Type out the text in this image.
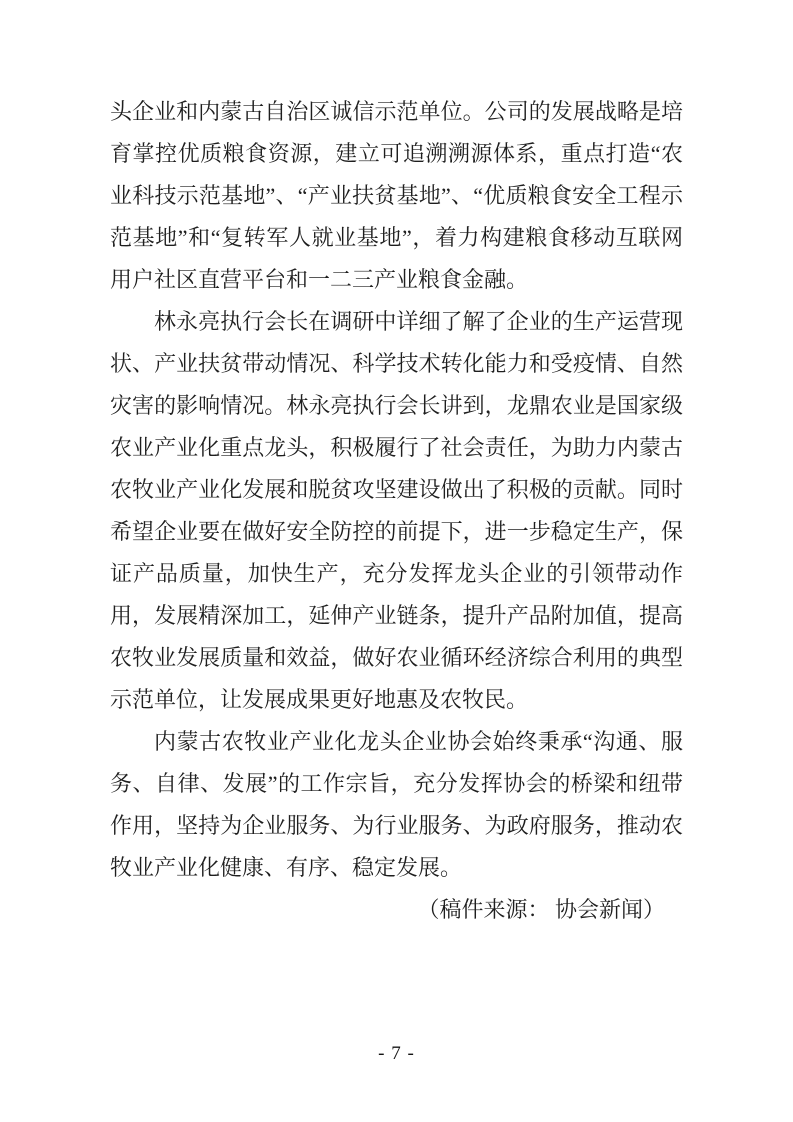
头企业和内蒙古自治区诚信示范单位。公司的发展战略是培育掌控优质粮食资源，建立可追溯溯源体系，重点打造“农业科技示范基地”、“产业扶贫基地”、“优质粮食安全工程示范基地”和“复转军人就业基地”，着力构建粮食移动互联网用户社区直营平台和一二三产业粮食金融。

林永亮执行会长在调研中详细了解了企业的生产运营现状、产业扶贫带动情况、科学技术转化能力和受疫情、自然灾害的影响情况。林永亮执行会长讲到，龙鼎农业是国家级农业产业化重点龙头，积极履行了社会责任，为助力内蒙古农牧业产业化发展和脱贫攻坚建设做出了积极的贡献。同时希望企业要在做好安全防控的前提下，进一步稳定生产，保证产品质量，加快生产，充分发挥龙头企业的引领带动作用，发展精深加工，延伸产业链条，提升产品附加值，提高农牧业发展质量和效益，做好农业循环经济综合利用的典型示范单位，让发展成果更好地惠及农牧民。

内蒙古农牧业产业化龙头企业协会始终秉承“沟通、服务、自律、发展”的工作宗旨，充分发挥协会的桥梁和纽带作用，坚持为企业服务、为行业服务、为政府服务，推动农牧业产业化健康、有序、稳定发展。

（稿件来源： 协会新闻）

- 7 -
